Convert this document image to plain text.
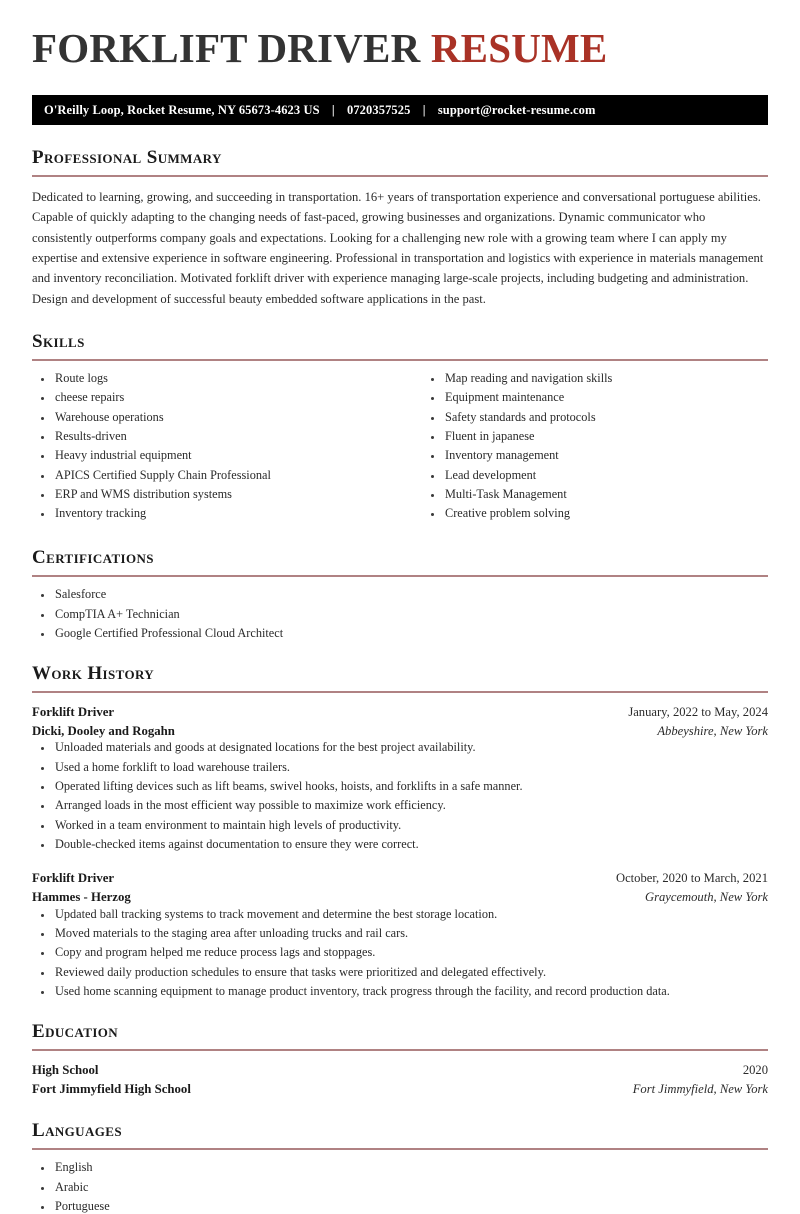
FORKLIFT DRIVER RESUME
O'Reilly Loop, Rocket Resume, NY 65673-4623 US | 0720357525 | support@rocket-resume.com
Professional Summary

Dedicated to learning, growing, and succeeding in transportation. 16+ years of transportation experience and conversational portuguese abilities. Capable of quickly adapting to the changing needs of fast-paced, growing businesses and organizations. Dynamic communicator who consistently outperforms company goals and expectations. Looking for a challenging new role with a growing team where I can apply my expertise and extensive experience in software engineering. Professional in transportation and logistics with experience in materials management and inventory reconciliation. Motivated forklift driver with experience managing large-scale projects, including budgeting and administration. Design and development of successful beauty embedded software applications in the past.

Skills
Route logs
cheese repairs
Warehouse operations
Results-driven
Heavy industrial equipment
APICS Certified Supply Chain Professional
ERP and WMS distribution systems
Inventory tracking
Map reading and navigation skills
Equipment maintenance
Safety standards and protocols
Fluent in japanese
Inventory management
Lead development
Multi-Task Management
Creative problem solving
Certifications
Salesforce
CompTIA A+ Technician
Google Certified Professional Cloud Architect
Work History
Forklift Driver	January, 2022 to May, 2024
Dicki, Dooley and Rogahn	Abbeyshire, New York
Unloaded materials and goods at designated locations for the best project availability.
Used a home forklift to load warehouse trailers.
Operated lifting devices such as lift beams, swivel hooks, hoists, and forklifts in a safe manner.
Arranged loads in the most efficient way possible to maximize work efficiency.
Worked in a team environment to maintain high levels of productivity.
Double-checked items against documentation to ensure they were correct.
Forklift Driver	October, 2020 to March, 2021
Hammes - Herzog	Graycemouth, New York
Updated ball tracking systems to track movement and determine the best storage location.
Moved materials to the staging area after unloading trucks and rail cars.
Copy and program helped me reduce process lags and stoppages.
Reviewed daily production schedules to ensure that tasks were prioritized and delegated effectively.
Used home scanning equipment to manage product inventory, track progress through the facility, and record production data.
Education
High School	2020
Fort Jimmyfield High School	Fort Jimmyfield, New York
Languages
English
Arabic
Portuguese
